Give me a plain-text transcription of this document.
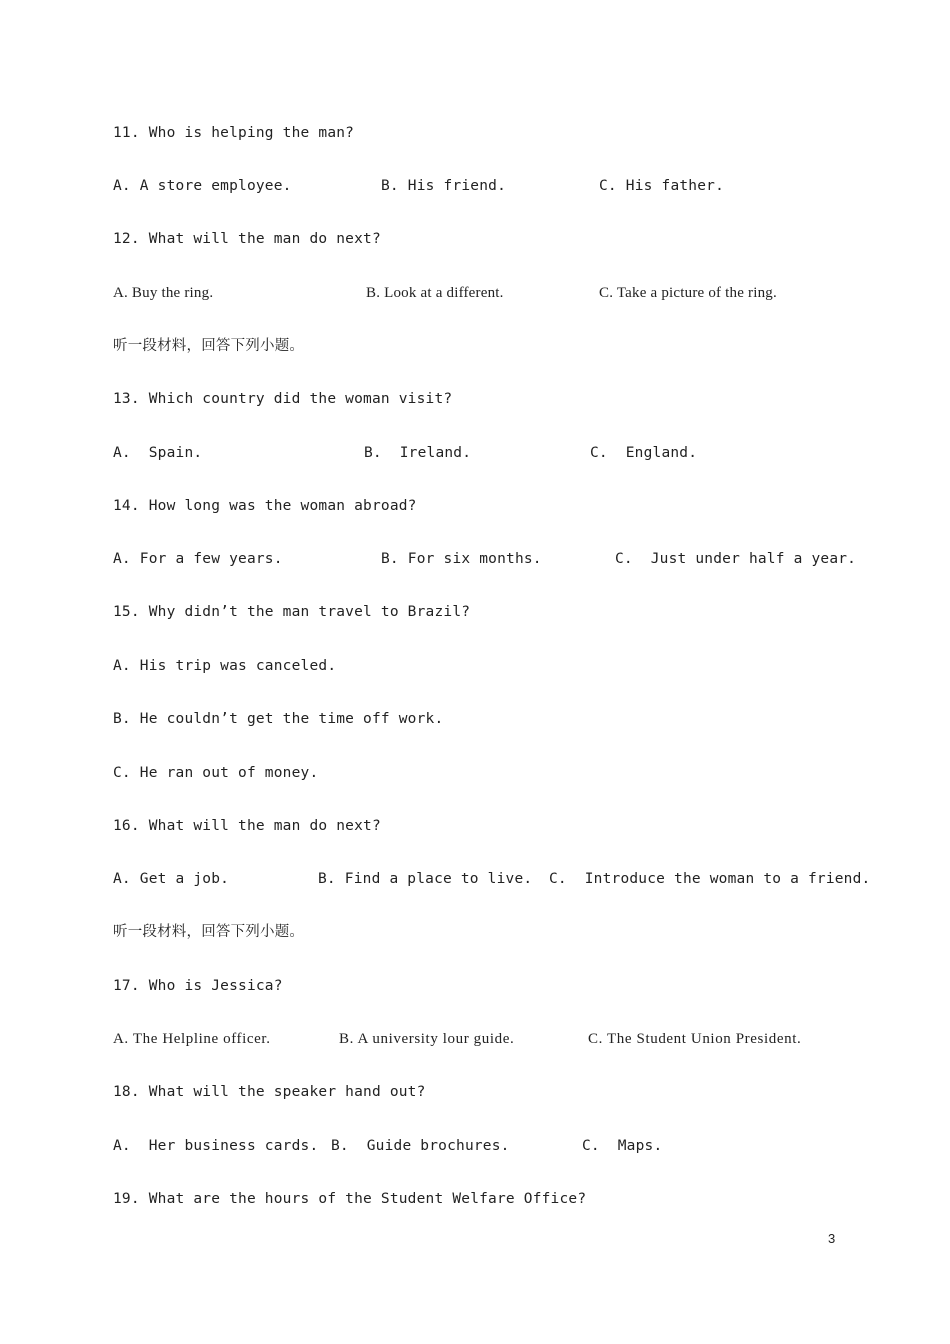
11. Who is helping the man?
A. A store employee.	B. His friend.	C. His father.
12. What will the man do next?
A. Buy the ring.	B. Look at a different.	C. Take a picture of the ring.
听一段材料，回答下列小题。
13. Which country did the woman visit?
A.  Spain.	B.  Ireland.	C.  England.
14. How long was the woman abroad?
A. For a few years.	B. For six months.	C.  Just under half a year.
15. Why didn’t the man travel to Brazil?
A. His trip was canceled.
B. He couldn’t get the time off work.
C. He ran out of money.
16. What will the man do next?
A. Get a job.	B. Find a place to live. C.  Introduce the woman to a friend.
听一段材料，回答下列小题。
17. Who is Jessica?
A. The Helpline officer.	B. A university lour guide.	C. The Student Union President.
18. What will the speaker hand out?
A.  Her business cards. B.  Guide brochures.	C.  Maps.
19. What are the hours of the Student Welfare Office?
3
